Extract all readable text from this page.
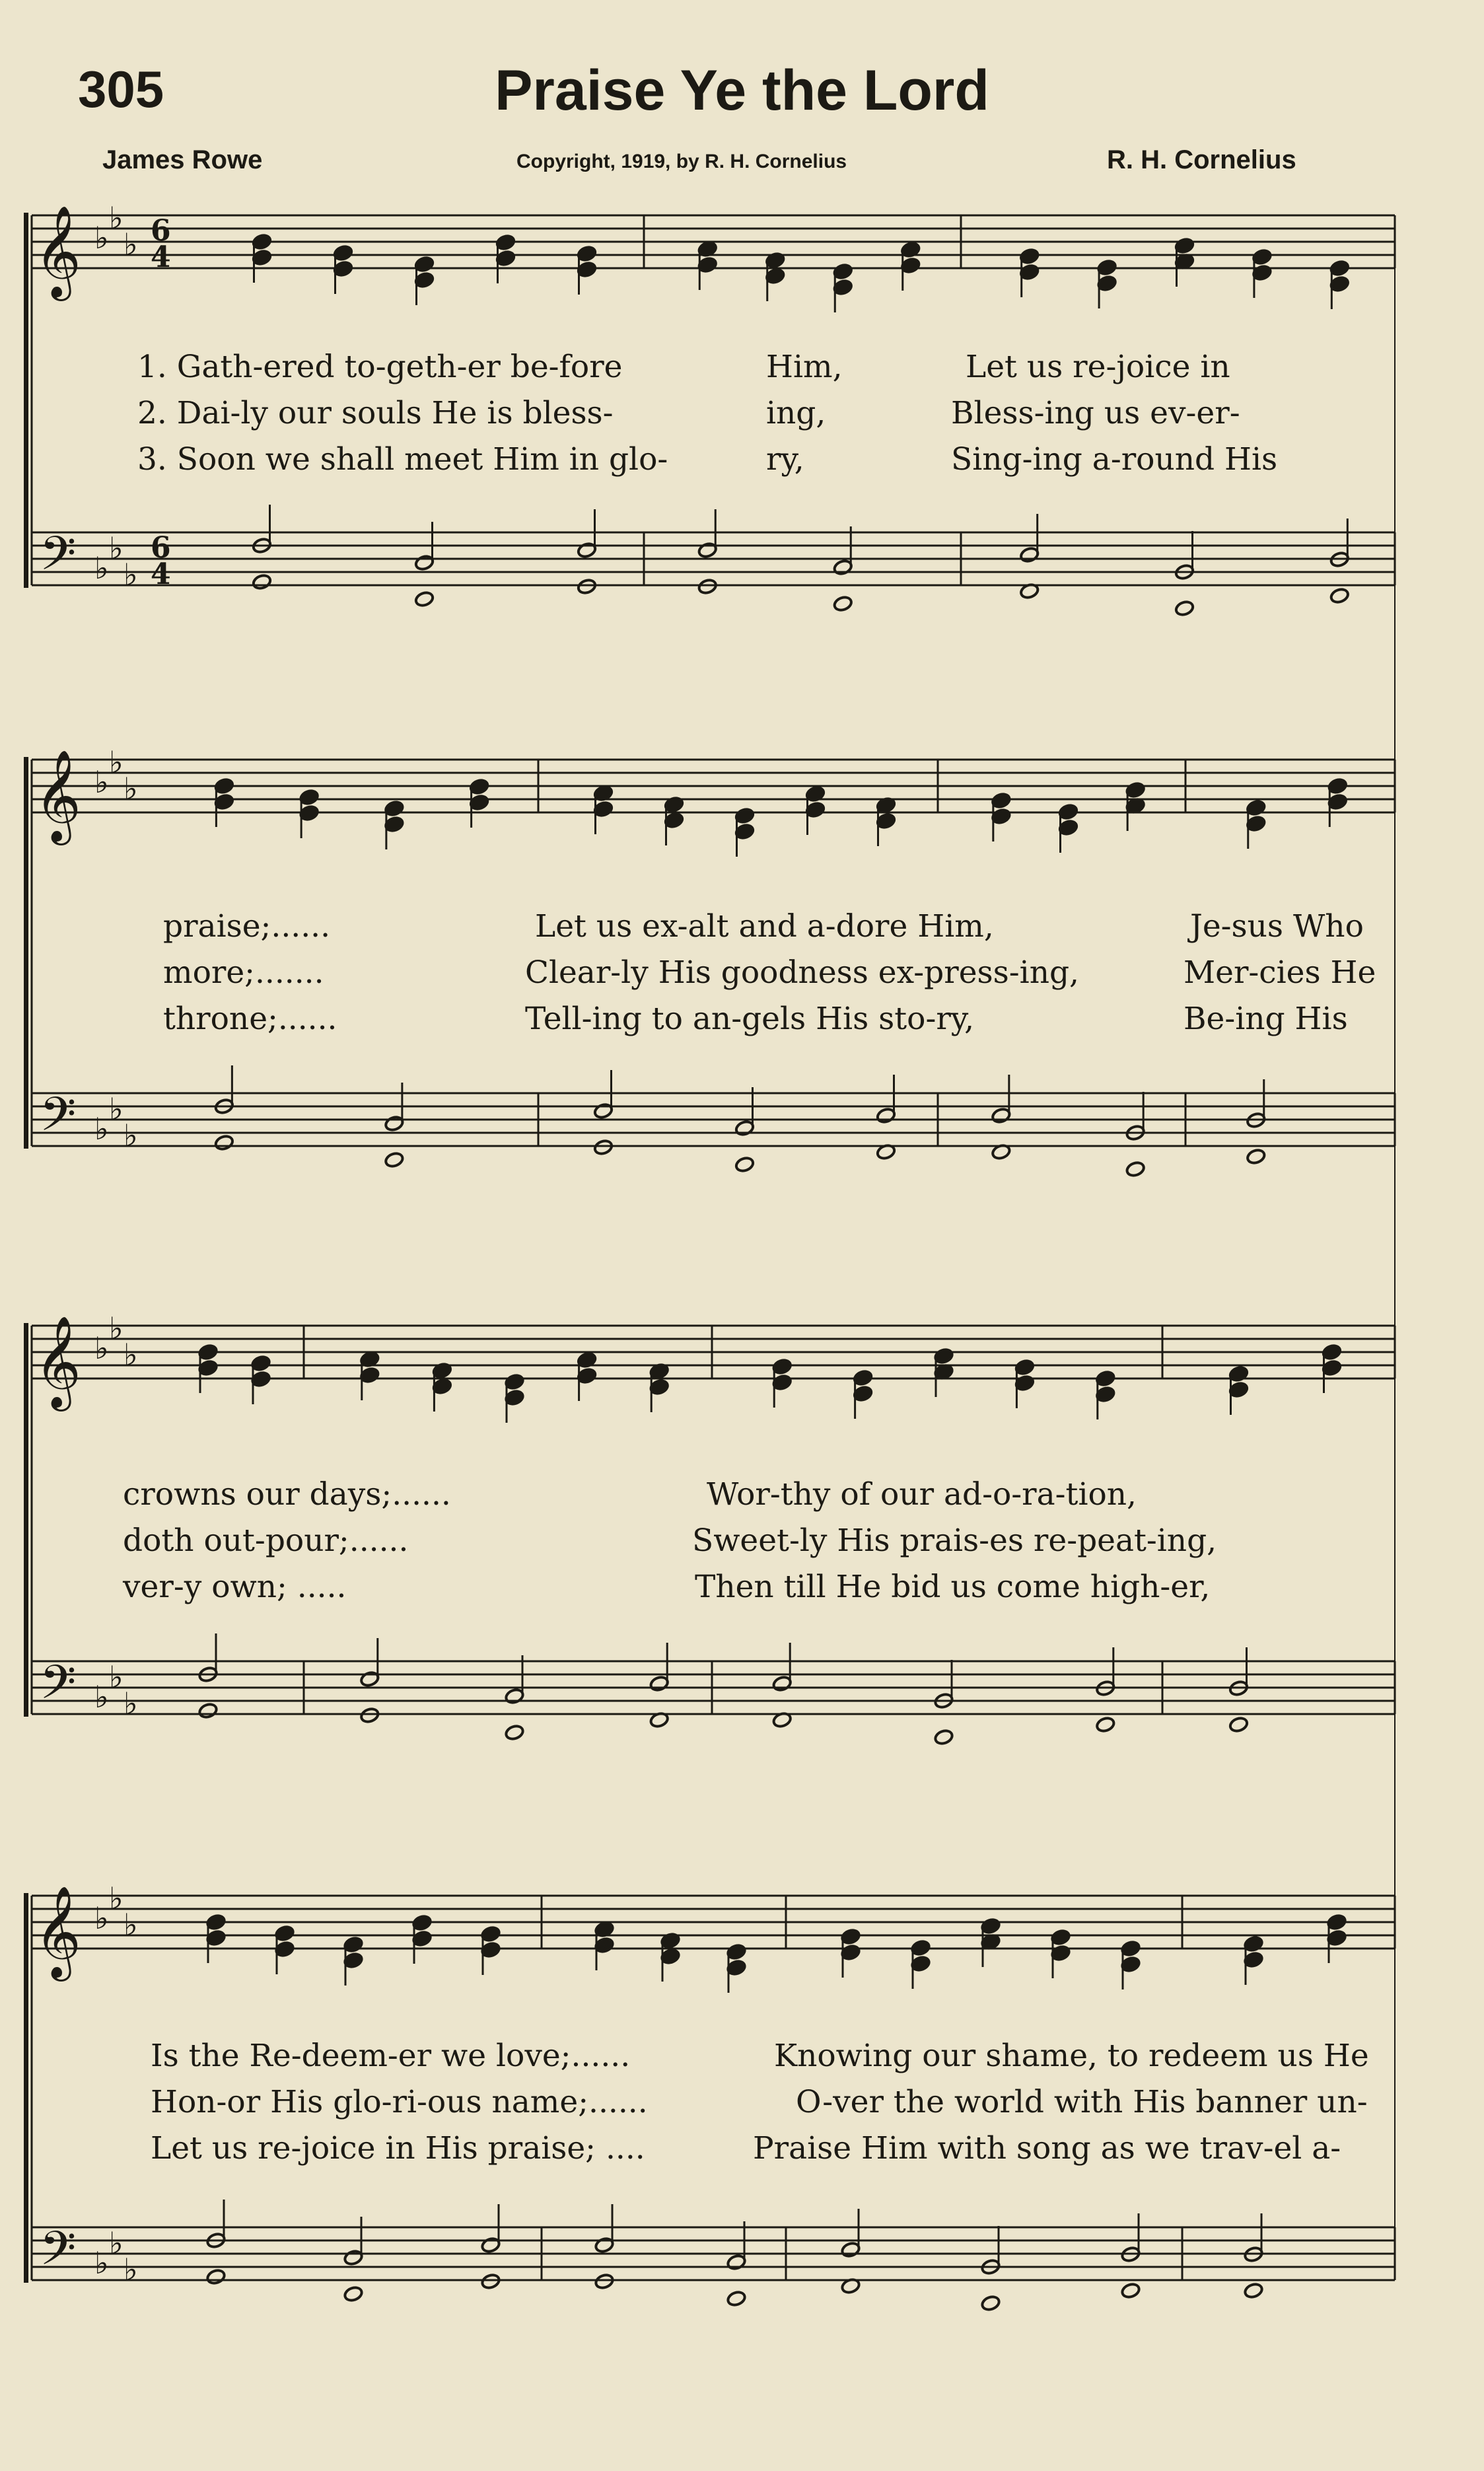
305	Praise Ye the Lord
James Rowe	Copyright, 1919, by R. H. Cornelius	R. H. Cornelius
𝄞
𝄢
♭
♭
♭
♭
♭
♭
6
4
6
4
𝄞
𝄢
♭
♭
♭
♭
♭
♭
𝄞
𝄢
♭
♭
♭
♭
♭
♭
𝄞
𝄢
♭
♭
♭
♭
♭
♭
1. Gath-ered to-geth-er be-fore	Him,	Let us re-joice in
2. Dai-ly our souls He is bless-	ing,	Bless-ing us ev-er-
3. Soon we shall meet Him in glo-	ry,	Sing-ing a-round His
praise;......	Let us ex-alt and a-dore Him,	Je-sus Who
more;.......	Clear-ly His goodness ex-press-ing,	Mer-cies He
throne;......	Tell-ing to an-gels His sto-ry,	Be-ing His
crowns our days;......	Wor-thy of our ad-o-ra-tion,
doth out-pour;......	Sweet-ly His prais-es re-peat-ing,
ver-y own; .....	Then till He bid us come high-er,
Is the Re-deem-er we love;......	Knowing our shame, to redeem us He
Hon-or His glo-ri-ous name;......	O-ver the world with His banner un-
Let us re-joice in His praise; ....	Praise Him with song as we trav-el a-
